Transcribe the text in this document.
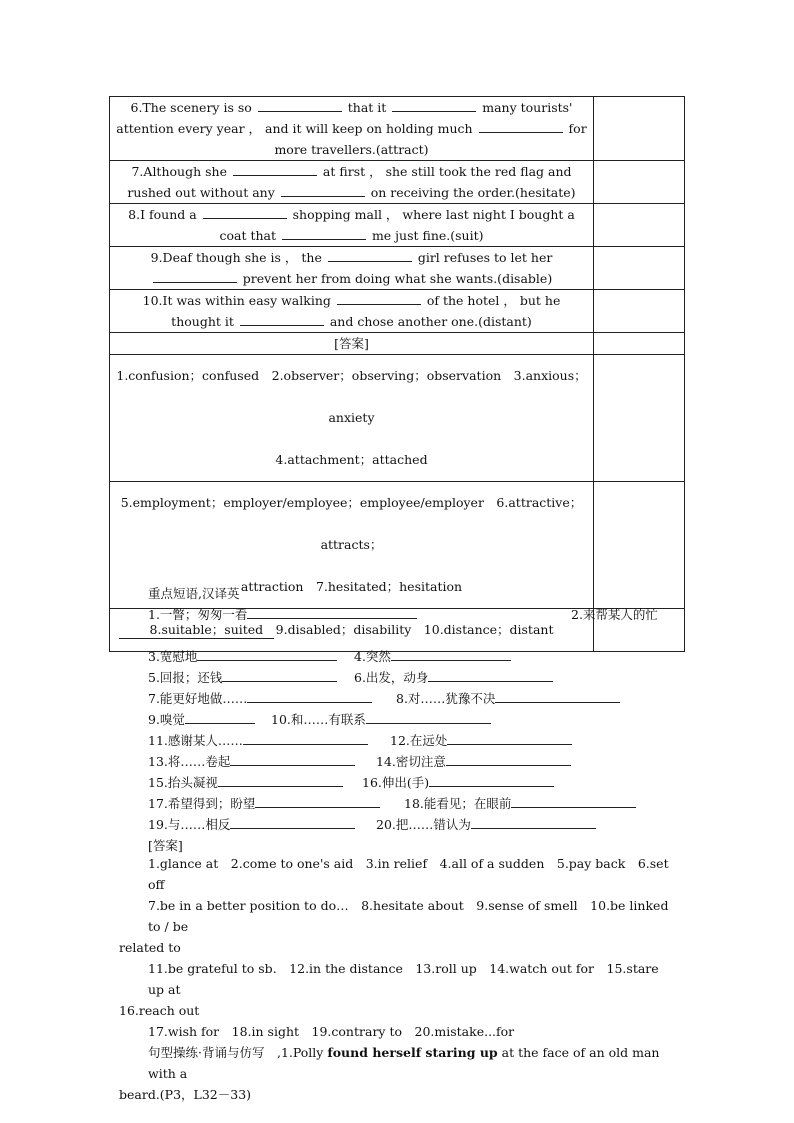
6.The scenery is so that it many tourists' attention every year ， and it will keep on holding much for more travellers.(attract)	
7.Although she at first ， she still took the red flag and rushed out without any on receiving the order.(hesitate)	
8.I found a shopping mall ， where last night I bought a coat that me just fine.(suit)	
9.Deaf though she is ， the girl refuses to let her  prevent her from doing what she wants.(disable)	
10.It was within easy walking of the hotel ， but he thought it and chose another one.(distant)	
[答案]	

1.confusion；confused　2.observer；observing；observation　3.anxious；anxiety
4.attachment；attached	

5.employment；employer/employee；employee/employer　6.attractive；attracts；
attraction　7.hesitated；hesitation	

8.suitable；suited　9.disabled；disability　10.distance；distant	

重点短语,汉译英
1.一瞥；匆匆一看	2.来帮某人的忙
3.宽慰地	4.突然
5.回报；还钱	6.出发，动身
7.能更好地做……	8.对……犹豫不决
9.嗅觉	10.和……有联系
11.感谢某人……	12.在远处
13.将……卷起	14.密切注意
15.抬头凝视	16.伸出(手)
17.希望得到；盼望	18.能看见；在眼前
19.与……相反	20.把……错认为
[答案]
1.glance at　2.come to one's aid　3.in relief　4.all of a sudden　5.pay back　6.set off
7.be in a better position to do…　8.hesitate about　9.sense of smell　10.be linked to / be
related to
11.be grateful to sb.　12.in the distance　13.roll up　14.watch out for　15.stare up at
16.reach out
17.wish for　18.in sight　19.contrary to　20.mistake...for
句型操练·背诵与仿写　,1.Polly found herself staring up at the face of an old man with a
beard.(P3，L32－33)
